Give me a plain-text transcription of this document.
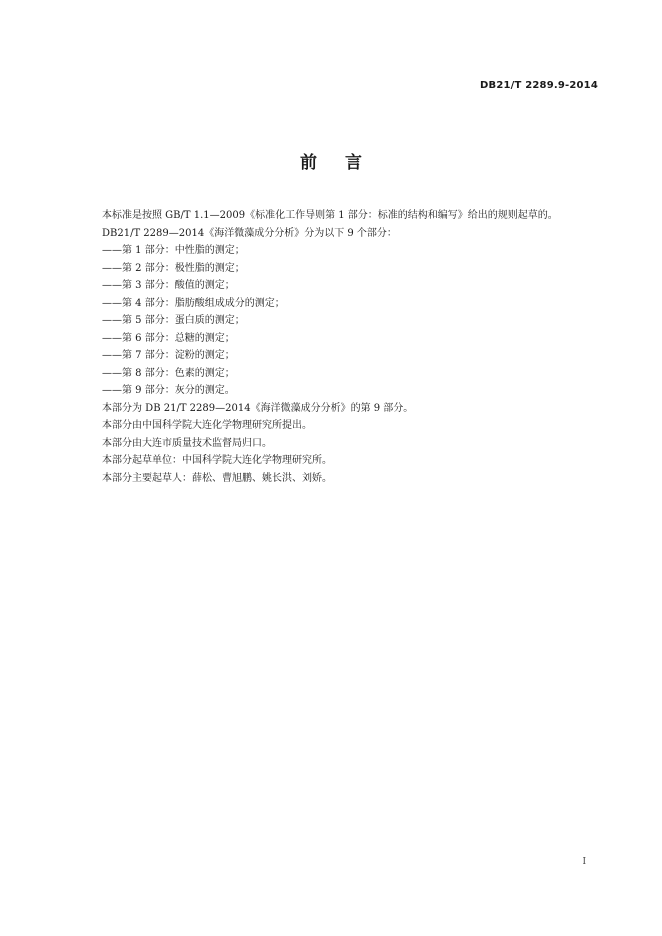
DB21/T 2289.9-2014
前 言

本标准是按照 GB/T 1.1—2009《标准化工作导则第 1 部分：标准的结构和编写》给出的规则起草的。

DB21/T 2289—2014《海洋微藻成分分析》分为以下 9 个部分：

——第 1 部分：中性脂的测定；

——第 2 部分：极性脂的测定；

——第 3 部分：酸值的测定；

——第 4 部分：脂肪酸组成成分的测定；

——第 5 部分：蛋白质的测定；

——第 6 部分：总糖的测定；

——第 7 部分：淀粉的测定；

——第 8 部分：色素的测定；

——第 9 部分：灰分的测定。

本部分为 DB 21/T 2289—2014《海洋微藻成分分析》的第 9 部分。

本部分由中国科学院大连化学物理研究所提出。

本部分由大连市质量技术监督局归口。

本部分起草单位：中国科学院大连化学物理研究所。

本部分主要起草人：薛松、曹旭鹏、姚长洪、刘娇。

I
